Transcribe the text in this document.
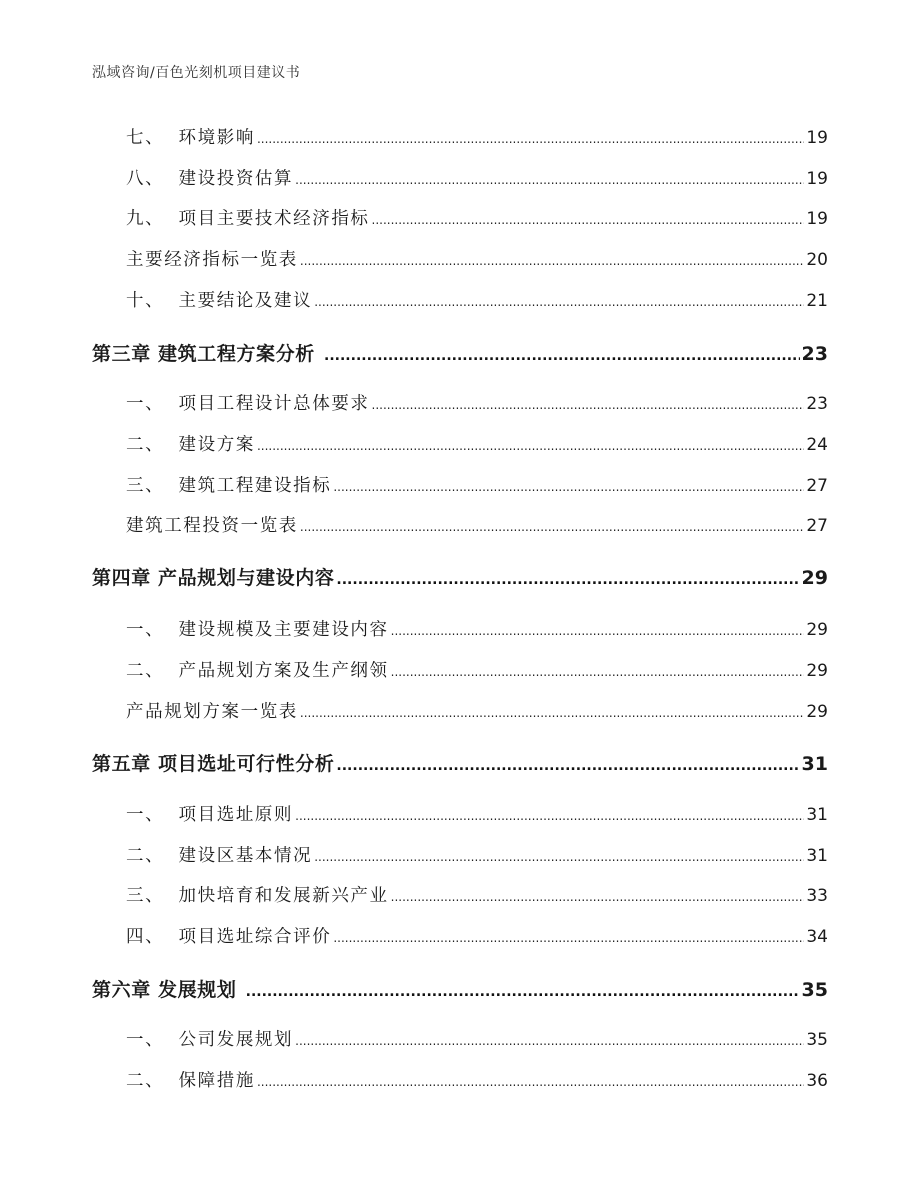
泓域咨询/百色光刻机项目建议书
七、  环境影响 .....	19
八、  建设投资估算 .....	19
九、  项目主要技术经济指标 .....	19
主要经济指标一览表 .....	20
十、  主要结论及建议 .....	21
第三章 建筑工程方案分析 .....	23
一、  项目工程设计总体要求 .....	23
二、  建设方案 .....	24
三、  建筑工程建设指标 .....	27
建筑工程投资一览表 .....	27
第四章 产品规划与建设内容 .....	29
一、  建设规模及主要建设内容 .....	29
二、  产品规划方案及生产纲领 .....	29
产品规划方案一览表 .....	29
第五章 项目选址可行性分析 .....	31
一、  项目选址原则 .....	31
二、  建设区基本情况 .....	31
三、  加快培育和发展新兴产业 .....	33
四、  项目选址综合评价 .....	34
第六章 发展规划 .....	35
一、  公司发展规划 .....	35
二、  保障措施 .....	36
